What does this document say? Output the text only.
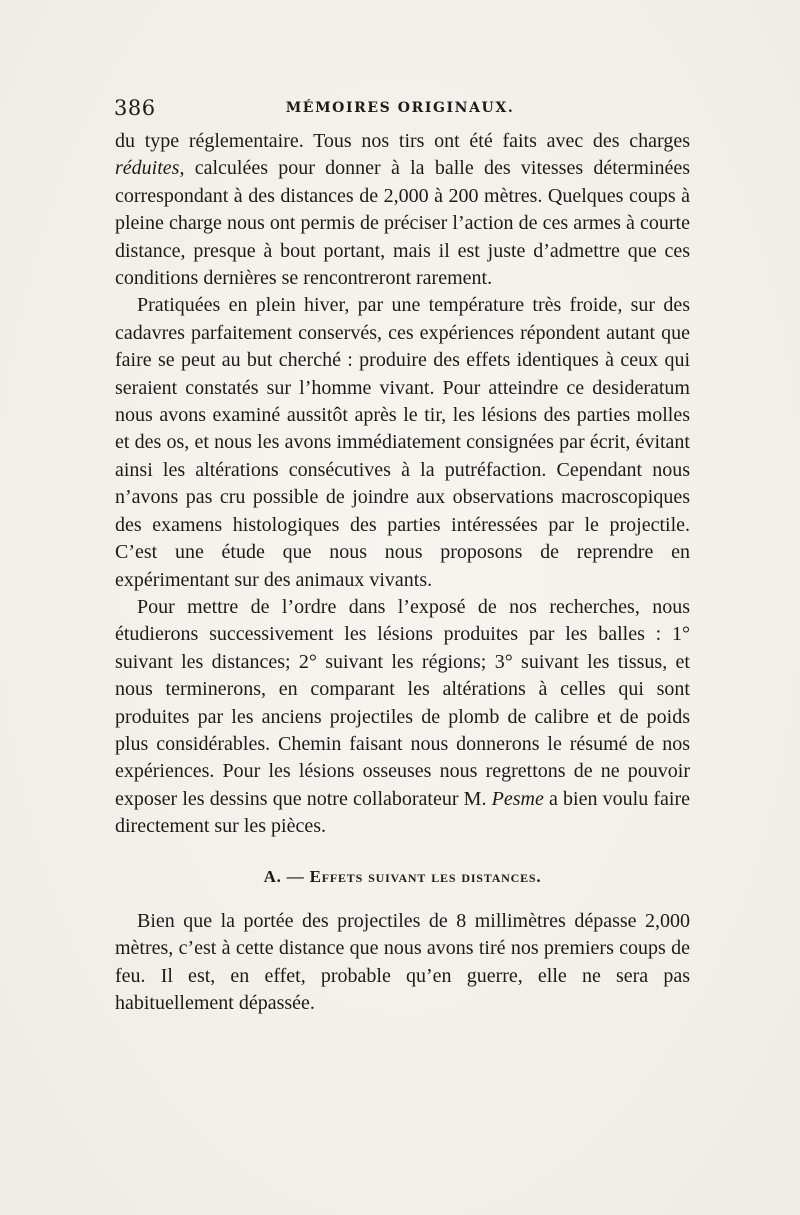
386	MÉMOIRES ORIGINAUX.

du type réglementaire. Tous nos tirs ont été faits avec des charges réduites, calculées pour donner à la balle des vitesses déterminées correspondant à des distances de 2,000 à 200 mètres. Quelques coups à pleine charge nous ont permis de préciser l’action de ces armes à courte distance, presque à bout portant, mais il est juste d’admettre que ces conditions dernières se rencontreront rarement.

Pratiquées en plein hiver, par une température très froide, sur des cadavres parfaitement conservés, ces expériences répondent autant que faire se peut au but cherché : produire des effets identiques à ceux qui seraient constatés sur l’homme vivant. Pour atteindre ce desideratum nous avons examiné aussitôt après le tir, les lésions des parties molles et des os, et nous les avons immédiatement consignées par écrit, évitant ainsi les altérations consécutives à la putréfaction. Cependant nous n’avons pas cru possible de joindre aux observations macroscopiques des examens histologiques des parties intéressées par le projectile. C’est une étude que nous nous proposons de reprendre en expérimentant sur des animaux vivants.

Pour mettre de l’ordre dans l’exposé de nos recherches, nous étudierons successivement les lésions produites par les balles : 1° suivant les distances; 2° suivant les régions; 3° suivant les tissus, et nous terminerons, en comparant les altérations à celles qui sont produites par les anciens projectiles de plomb de calibre et de poids plus considérables. Chemin faisant nous donnerons le résumé de nos expériences. Pour les lésions osseuses nous regrettons de ne pouvoir exposer les dessins que notre collaborateur M. Pesme a bien voulu faire directement sur les pièces.

A. — Effets suivant les distances.

Bien que la portée des projectiles de 8 millimètres dépasse 2,000 mètres, c’est à cette distance que nous avons tiré nos premiers coups de feu. Il est, en effet, probable qu’en guerre, elle ne sera pas habituellement dépassée.
